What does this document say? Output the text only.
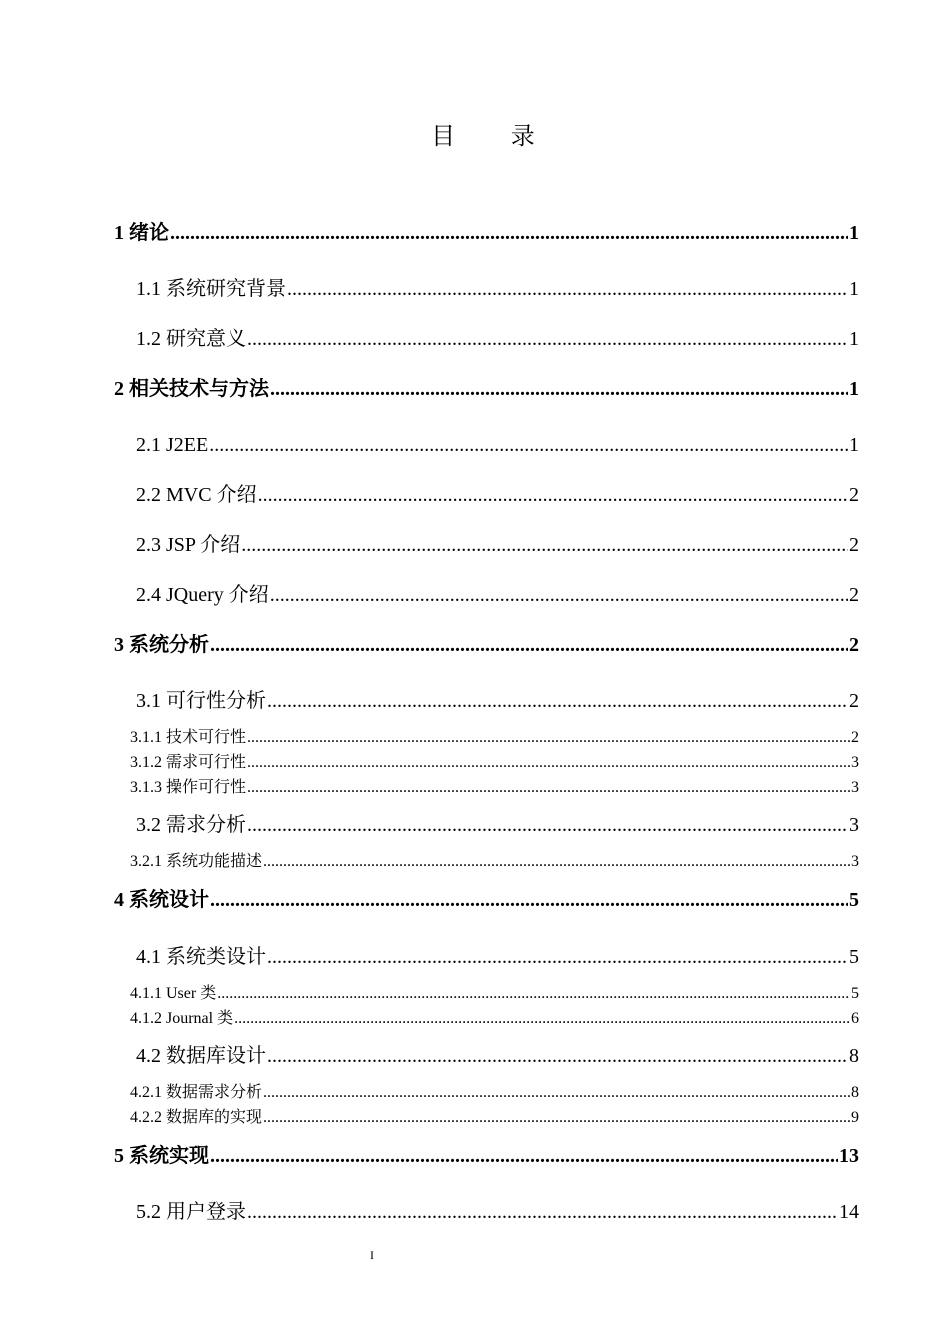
目 录
1 绪论 .....	1
1.1 系统研究背景 .....	1
1.2 研究意义 .....	1
2 相关技术与方法 .....	1
2.1 J2EE .....	1
2.2 MVC 介绍 .....	2
2.3 JSP 介绍 .....	2
2.4 JQuery 介绍 .....	2
3 系统分析 .....	2
3.1 可行性分析 .....	2
3.1.1 技术可行性 .....	2
3.1.2 需求可行性 .....	3
3.1.3 操作可行性 .....	3
3.2 需求分析 .....	3
3.2.1 系统功能描述 .....	3
4 系统设计 .....	5
4.1 系统类设计 .....	5
4.1.1 User 类 .....	5
4.1.2 Journal 类 .....	6
4.2 数据库设计 .....	8
4.2.1 数据需求分析 .....	8
4.2.2 数据库的实现 .....	9
5 系统实现 .....	13
5.2 用户登录 .....	14
I
